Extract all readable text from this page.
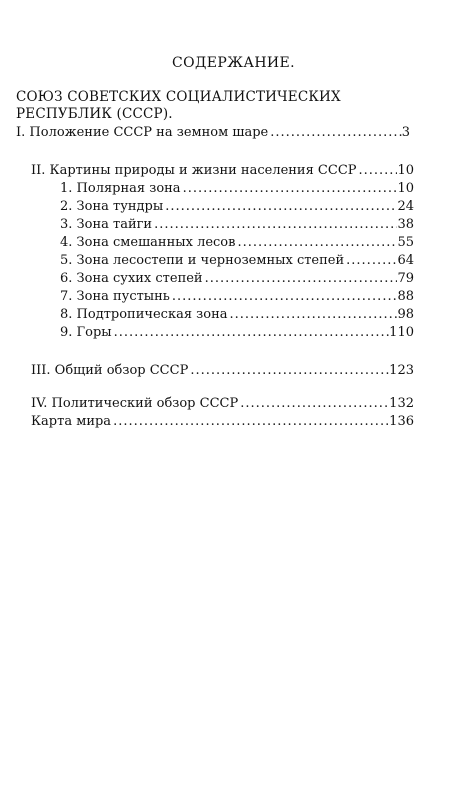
СОДЕРЖАНИЕ.
СОЮЗ СОВЕТСКИХ СОЦИАЛИСТИЧЕСКИХ
РЕСПУБЛИК (СССР).
I. Положение СССР на земном шаре .....	3
II. Картины природы и жизни населения СССР .....	10
1. Полярная зона .....	10
2. Зона тундры .....	24
3. Зона тайги .....	38
4. Зона смешанных лесов .....	55
5. Зона лесостепи и черноземных степей .....	64
6. Зона сухих степей .....	79
7. Зона пустынь .....	88
8. Подтропическая зона .....	98
9. Горы .....	110
III. Общий обзор СССР .....	123
IV. Политический обзор СССР .....	132
Карта мира .....	136
